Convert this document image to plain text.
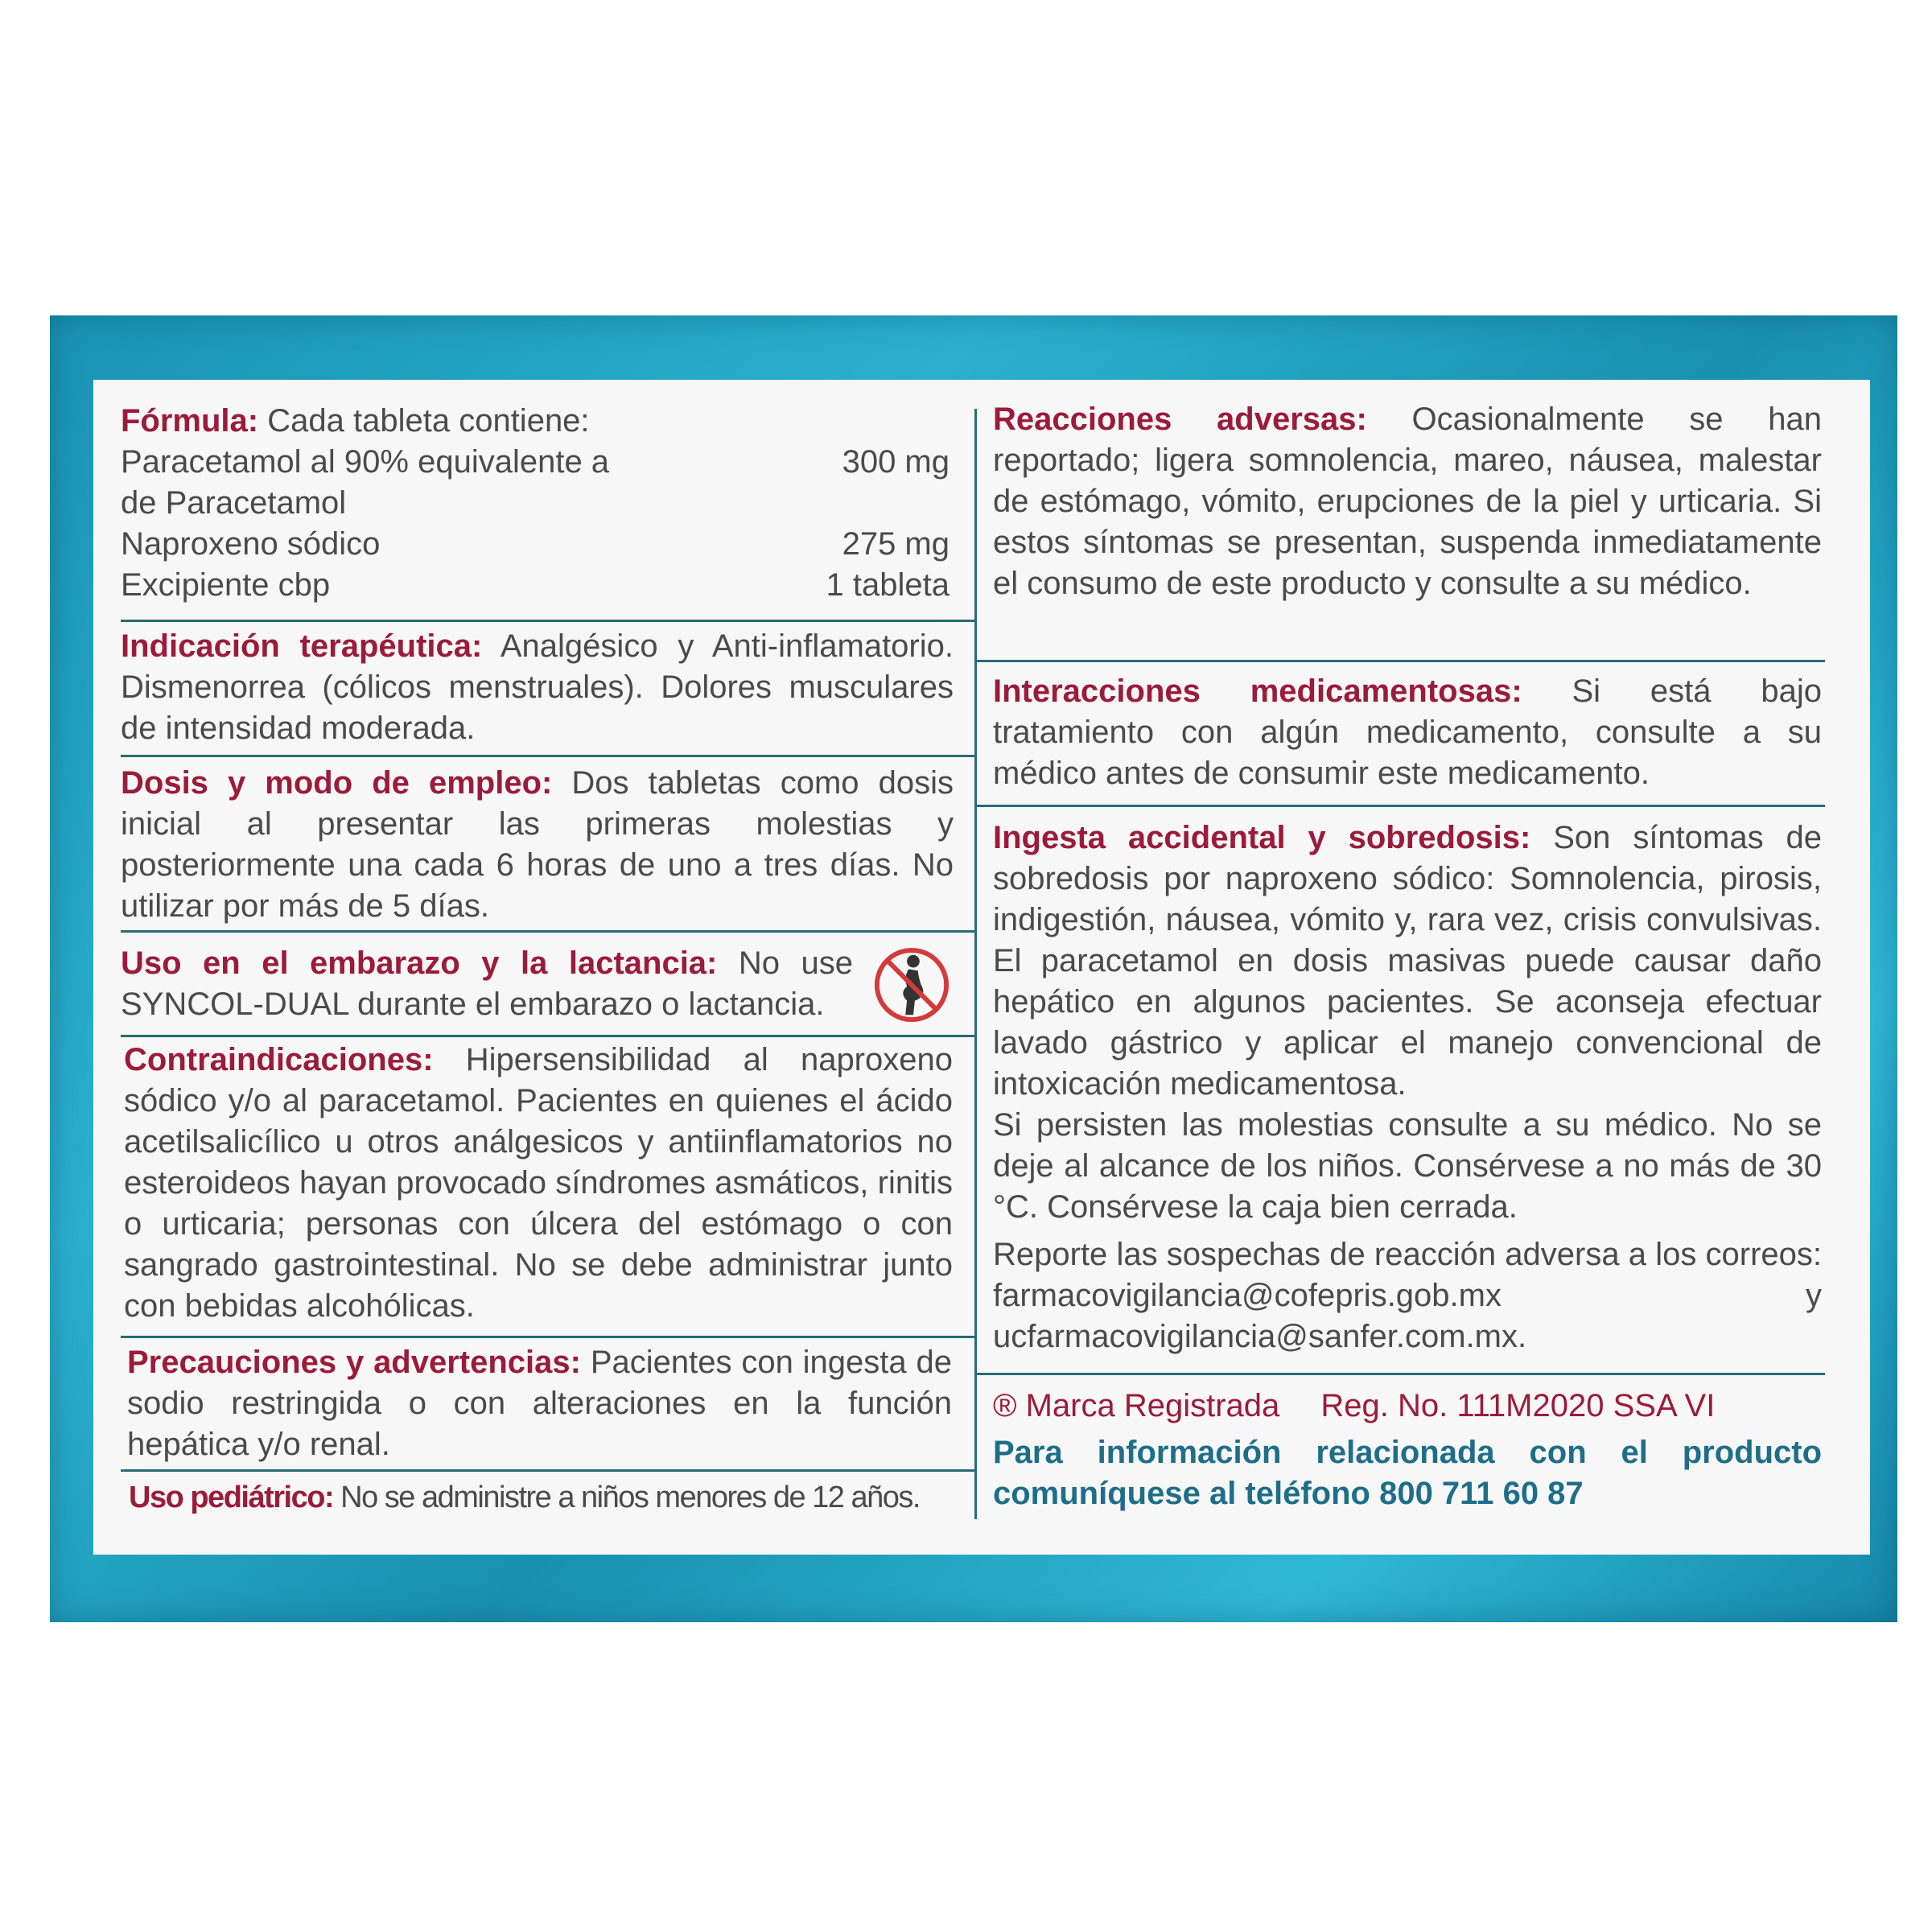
Fórmula: Cada tableta contiene:
Paracetamol al 90% equivalente a	300 mg
de Paracetamol
Naproxeno sódico	275 mg
Excipiente cbp	1 tableta
Indicación terapéutica: Analgésico y Anti-inflamatorio. Dismenorrea (cólicos menstruales). Dolores musculares de intensidad moderada.
Dosis y modo de empleo: Dos tabletas como dosis inicial al presentar las primeras molestias y posteriormente una cada 6 horas de uno a tres días. No utilizar por más de 5 días.
Uso en el embarazo y la lactancia: No use SYNCOL-DUAL durante el embarazo o lactancia.
Contraindicaciones: Hipersensibilidad al naproxeno sódico y/o al paracetamol. Pacientes en quienes el ácido acetilsalicílico u otros análgesicos y antiinflamatorios no esteroideos hayan provocado síndromes asmáticos, rinitis o urticaria; personas con úlcera del estómago o con sangrado gastrointestinal. No se debe administrar junto con bebidas alcohólicas.
Precauciones y advertencias: Pacientes con ingesta de sodio restringida o con alteraciones en la función hepática y/o renal.
Uso pediátrico: No se administre a niños menores de 12 años.
Reacciones adversas: Ocasionalmente se han reportado; ligera somnolencia, mareo, náusea, malestar de estómago, vómito, erupciones de la piel y urticaria. Si estos síntomas se presentan, suspenda inmediatamente el consumo de este producto y consulte a su médico.
Interacciones medicamentosas: Si está bajo tratamiento con algún medicamento, consulte a su médico antes de consumir este medicamento.
Ingesta accidental y sobredosis: Son síntomas de sobredosis por naproxeno sódico: Somnolencia, pirosis, indigestión, náusea, vómito y, rara vez, crisis convulsivas. El paracetamol en dosis masivas puede causar daño hepático en algunos pacientes. Se aconseja efectuar lavado gástrico y aplicar el manejo convencional de intoxicación medicamentosa.
Si persisten las molestias consulte a su médico. No se deje al alcance de los niños. Consérvese a no más de 30 °C. Consérvese la caja bien cerrada.
Reporte las sospechas de reacción adversa a los correos: farmacovigilancia@cofepris.gob.mx y ucfarmacovigilancia@sanfer.com.mx.
® Marca Registrada Reg. No. 111M2020 SSA VI
Para información relacionada con el producto comuníquese al teléfono 800 711 60 87
